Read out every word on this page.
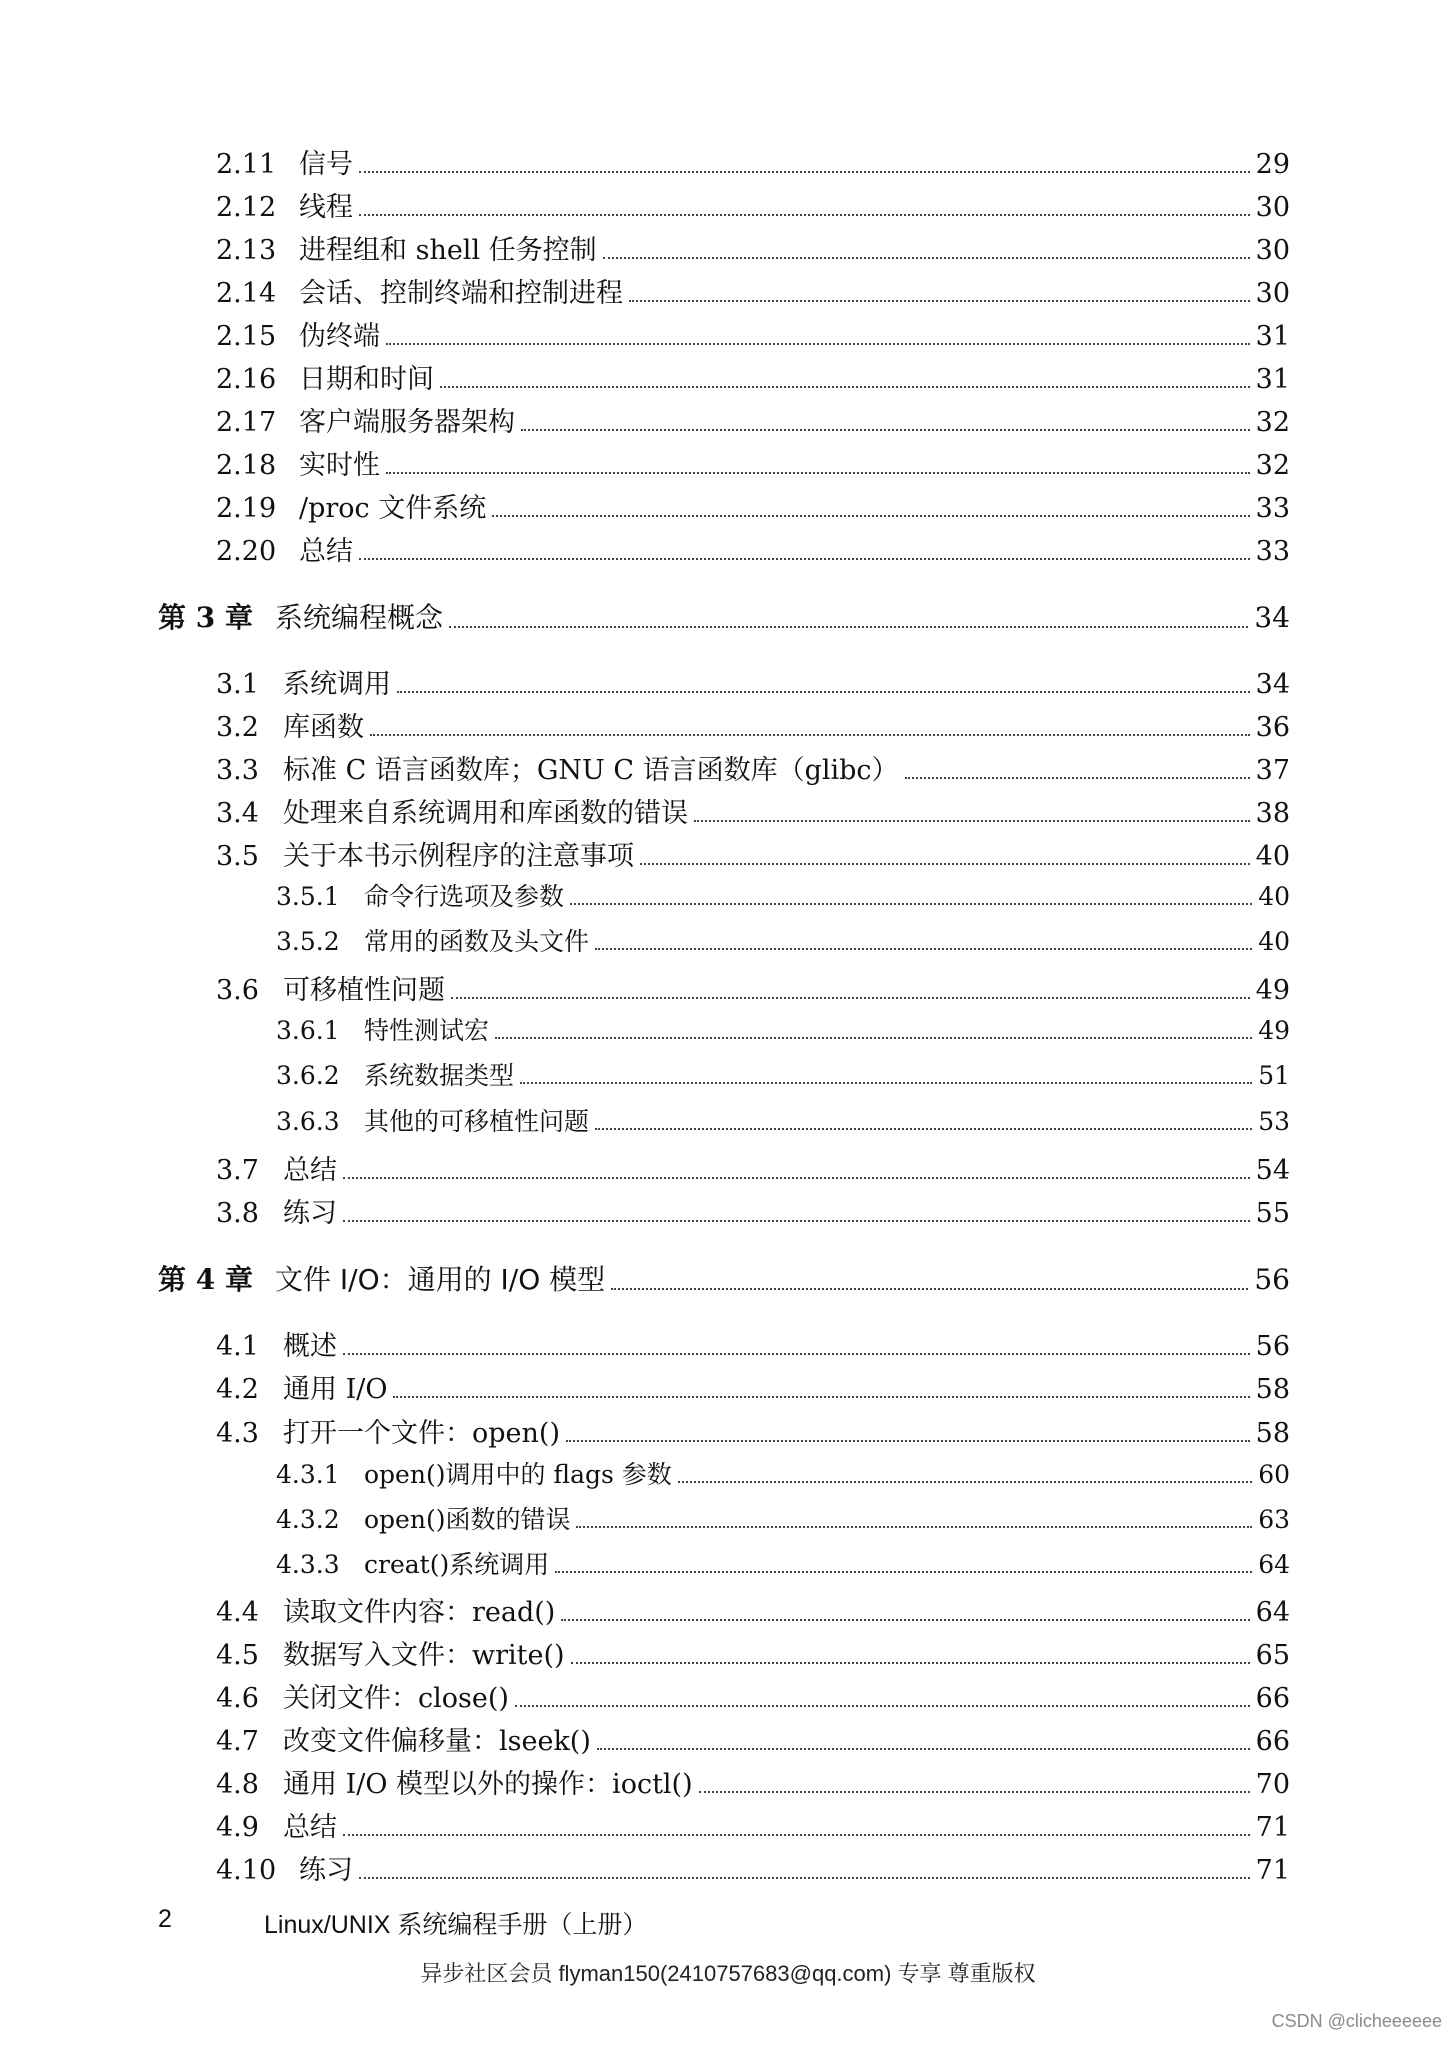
2.11 信号	29
2.12 线程	30
2.13 进程组和 shell 任务控制	30
2.14 会话、控制终端和控制进程	30
2.15 伪终端	31
2.16 日期和时间	31
2.17 客户端服务器架构	32
2.18 实时性	32
2.19 /proc 文件系统	33
2.20 总结	33
第 3 章 系统编程概念	34
3.1 系统调用	34
3.2 库函数	36
3.3 标准 C 语言函数库；GNU C 语言函数库（glibc）	37
3.4 处理来自系统调用和库函数的错误	38
3.5 关于本书示例程序的注意事项	40
3.5.1 命令行选项及参数	40
3.5.2 常用的函数及头文件	40
3.6 可移植性问题	49
3.6.1 特性测试宏	49
3.6.2 系统数据类型	51
3.6.3 其他的可移植性问题	53
3.7 总结	54
3.8 练习	55
第 4 章 文件 I/O：通用的 I/O 模型	56
4.1 概述	56
4.2 通用 I/O	58
4.3 打开一个文件：open()	58
4.3.1 open()调用中的 flags 参数	60
4.3.2 open()函数的错误	63
4.3.3 creat()系统调用	64
4.4 读取文件内容：read()	64
4.5 数据写入文件：write()	65
4.6 关闭文件：close()	66
4.7 改变文件偏移量：lseek()	66
4.8 通用 I/O 模型以外的操作：ioctl()	70
4.9 总结	71
4.10 练习	71
2	Linux/UNIX 系统编程手册（上册）
异步社区会员 flyman150(2410757683@qq.com) 专享 尊重版权
CSDN @clicheeeeee
